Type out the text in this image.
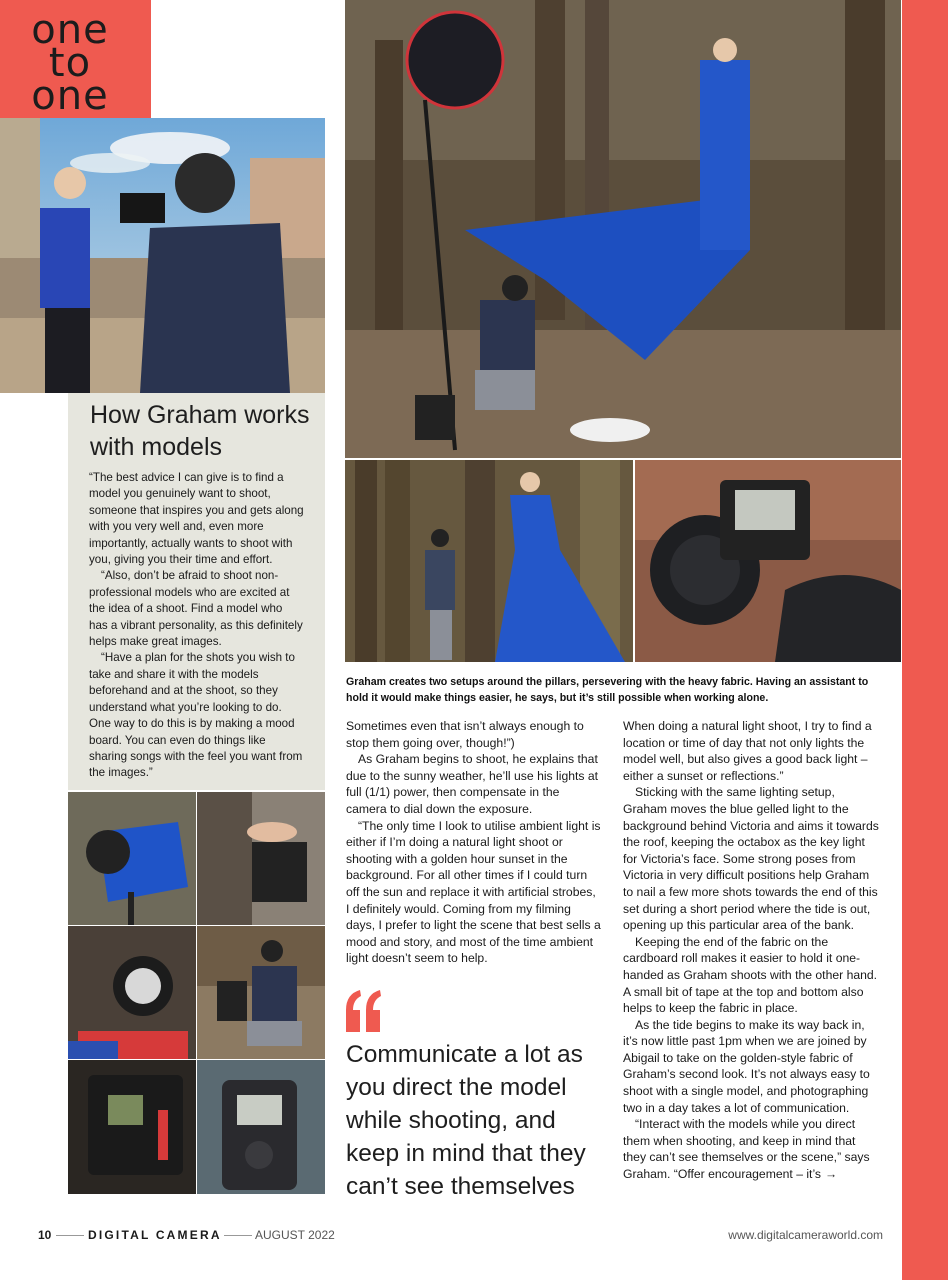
one
to
one
How Graham works with models

“The best advice I can give is to find a model you genuinely want to shoot, someone that inspires you and gets along with you very well and, even more importantly, actually wants to shoot with you, giving you their time and effort.

“Also, don’t be afraid to shoot non-professional models who are excited at the idea of a shoot. Find a model who has a vibrant personality, as this definitely helps make great images.

“Have a plan for the shots you wish to take and share it with the models beforehand and at the shoot, so they understand what you’re looking to do. One way to do this is by making a mood board. You can even do things like sharing songs with the feel you want from the images.”

Graham creates two setups around the pillars, persevering with the heavy fabric. Having an assistant to hold it would make things easier, he says, but it’s still possible when working alone.

Sometimes even that isn’t always enough to stop them going over, though!”)

As Graham begins to shoot, he explains that due to the sunny weather, he’ll use his lights at full (1/1) power, then compensate in the camera to dial down the exposure.

“The only time I look to utilise ambient light is either if I’m doing a natural light shoot or shooting with a golden hour sunset in the background. For all other times if I could turn off the sun and replace it with artificial strobes, I definitely would. Coming from my filming days, I prefer to light the scene that best sells a mood and story, and most of the time ambient light doesn’t seem to help.

Communicate a lot as you direct the model while shooting, and keep in mind that they can’t see themselves

When doing a natural light shoot, I try to find a location or time of day that not only lights the model well, but also gives a good back light – either a sunset or reflections.”

Sticking with the same lighting setup, Graham moves the blue gelled light to the background behind Victoria and aims it towards the roof, keeping the octabox as the key light for Victoria’s face. Some strong poses from Victoria in very difficult positions help Graham to nail a few more shots towards the end of this set during a short period where the tide is out, opening up this particular area of the bank.

Keeping the end of the fabric on the cardboard roll makes it easier to hold it one-handed as Graham shoots with the other hand. A small bit of tape at the top and bottom also helps to keep the fabric in place.

As the tide begins to make its way back in, it’s now little past 1pm when we are joined by Abigail to take on the golden-style fabric of Graham’s second look. It’s not always easy to shoot with a single model, and photographing two in a day takes a lot of communication.

“Interact with the models while you direct them when shooting, and keep in mind that they can’t see themselves or the scene,” says Graham. “Offer encouragement – it’s →

10	DIGITAL CAMERA	AUGUST 2022	www.digitalcameraworld.com
